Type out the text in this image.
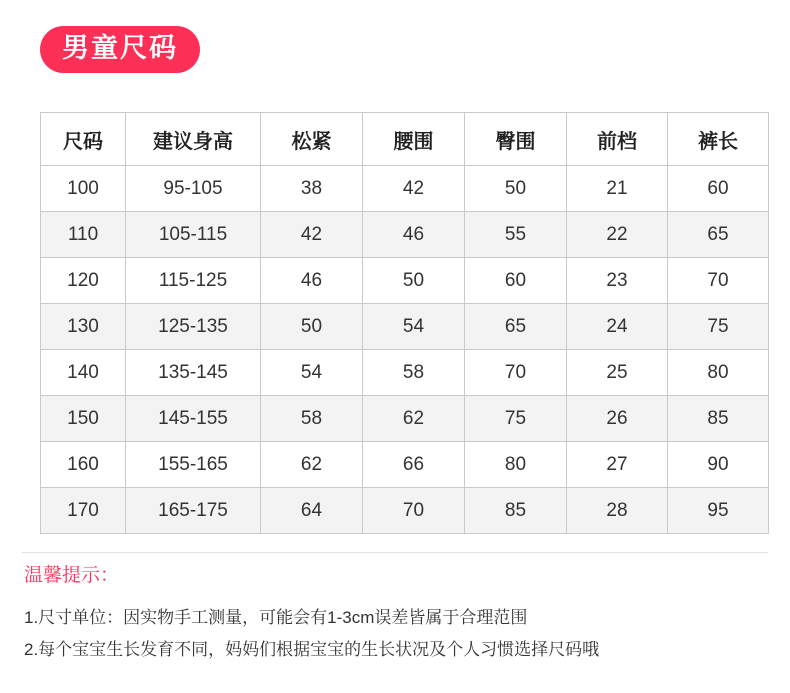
男童尺码
尺码	建议身高	松紧	腰围	臀围	前档	裤长
100	95-105	38	42	50	21	60
110	105-115	42	46	55	22	65
120	115-125	46	50	60	23	70
130	125-135	50	54	65	24	75
140	135-145	54	58	70	25	80
150	145-155	58	62	75	26	85
160	155-165	62	66	80	27	90
170	165-175	64	70	85	28	95
温馨提示：
1.尺寸单位：因实物手工测量，可能会有1-3cm误差皆属于合理范围
2.每个宝宝生长发育不同，妈妈们根据宝宝的生长状况及个人习惯选择尺码哦
